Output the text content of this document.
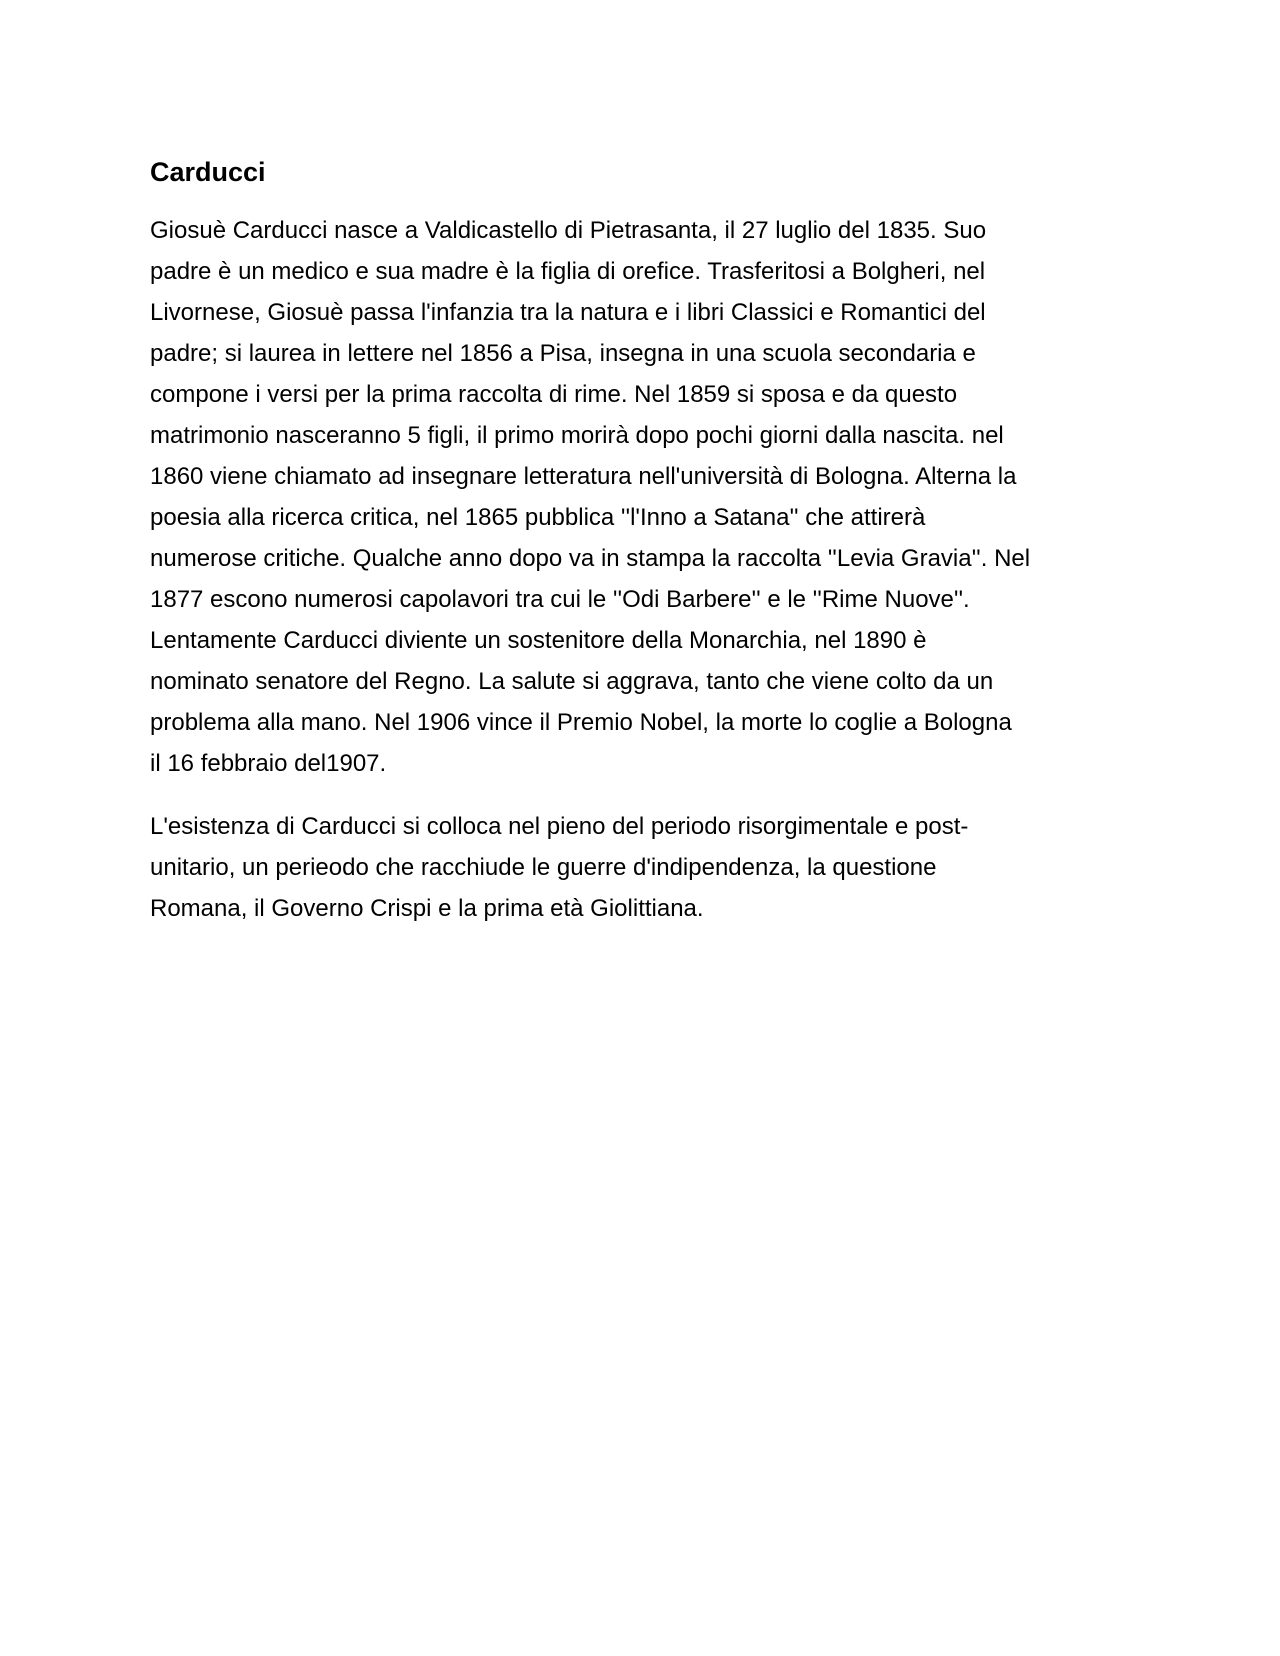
Carducci

Giosuè Carducci nasce a Valdicastello di Pietrasanta, il 27 luglio del 1835. Suo
padre è un medico e sua madre è la figlia di orefice. Trasferitosi a Bolgheri, nel
Livornese, Giosuè passa l'infanzia tra la natura e i libri Classici e Romantici del
padre; si laurea in lettere nel 1856 a Pisa, insegna in una scuola secondaria e
compone i versi per la prima raccolta di rime. Nel 1859 si sposa e da questo
matrimonio nasceranno 5 figli, il primo morirà dopo pochi giorni dalla nascita. nel
1860 viene chiamato ad insegnare letteratura nell'università di Bologna. Alterna la
poesia alla ricerca critica, nel 1865 pubblica ''l'Inno a Satana'' che attirerà
numerose critiche. Qualche anno dopo va in stampa la raccolta ''Levia Gravia''. Nel
1877 escono numerosi capolavori tra cui le ''Odi Barbere'' e le ''Rime Nuove''.
Lentamente Carducci diviente un sostenitore della Monarchia, nel 1890 è
nominato senatore del Regno. La salute si aggrava, tanto che viene colto da un
problema alla mano. Nel 1906 vince il Premio Nobel, la morte lo coglie a Bologna
il 16 febbraio del1907.

L'esistenza di Carducci si colloca nel pieno del periodo risorgimentale e post-
unitario, un perieodo che racchiude le guerre d'indipendenza, la questione
Romana, il Governo Crispi e la prima età Giolittiana.
